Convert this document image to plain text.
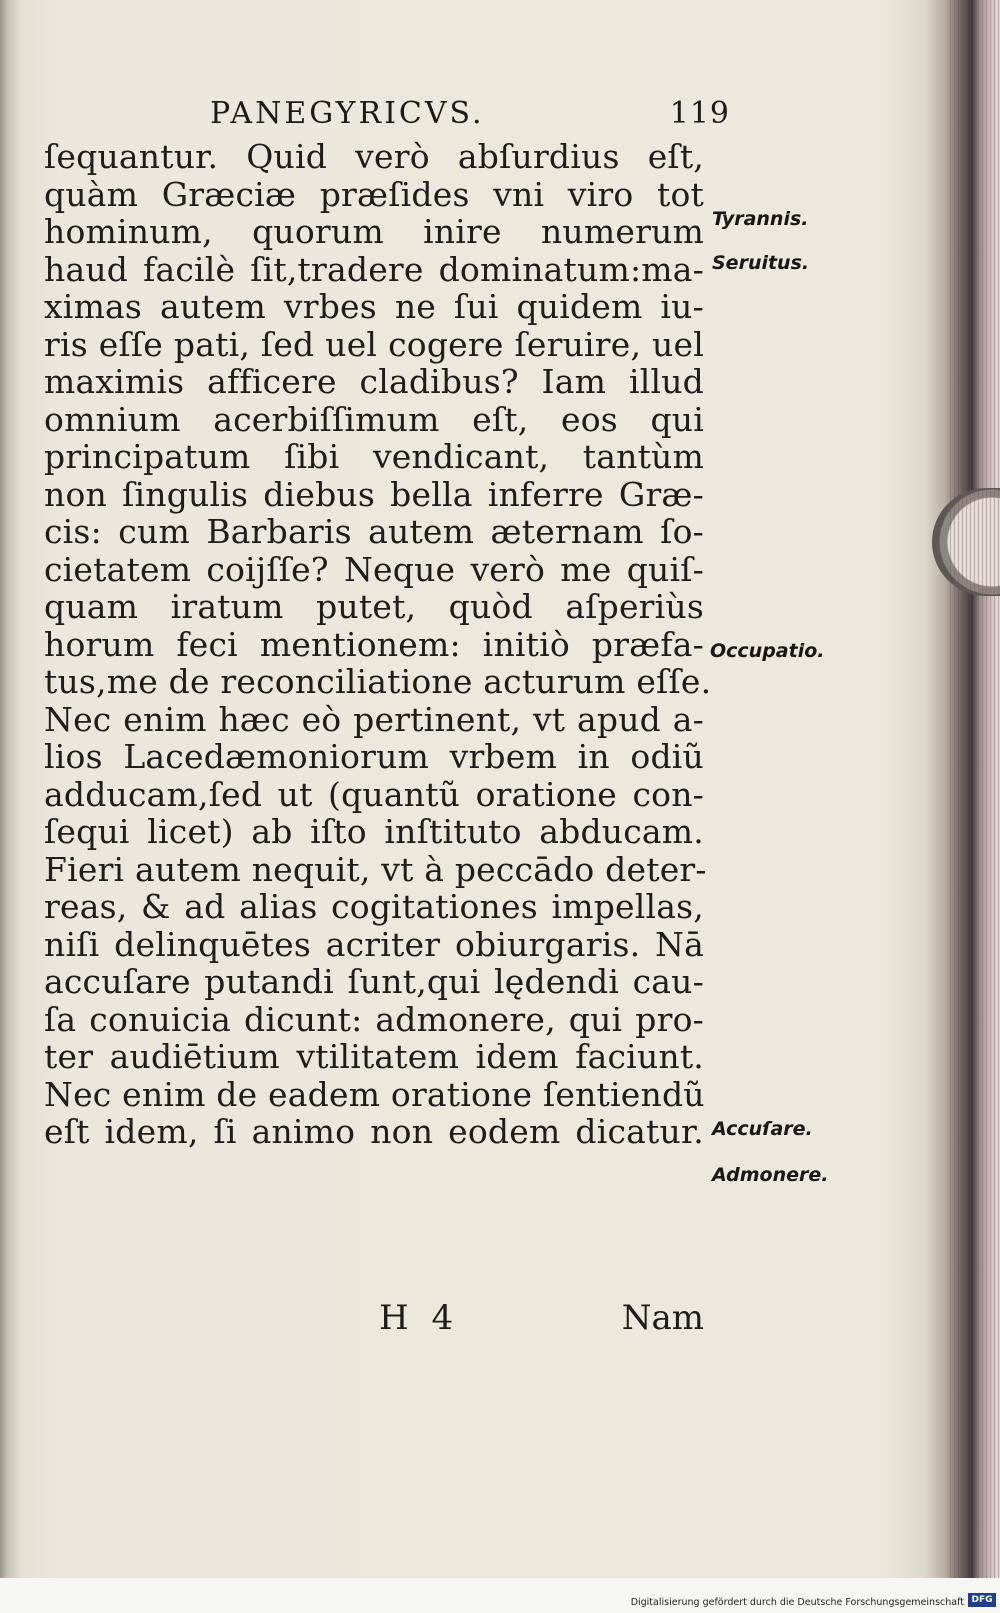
PANEGYRICVS.	119
ſequantur. Quid verò abſurdius eſt,
quàm Græciæ præſides vni viro tot
hominum, quorum inire numerum
haud facilè ſit,tradere dominatum:ma-
ximas autem vrbes ne ſui quidem iu-
ris eſſe pati, ſed uel cogere ſeruire, uel
maximis afficere cladibus? Iam illud
omnium acerbiſſimum eſt, eos qui
principatum ſibi vendicant, tantùm
non ſingulis diebus bella inferre Græ-
cis: cum Barbaris autem æternam ſo-
cietatem coijſſe? Neque verò me quiſ-
quam iratum putet, quòd aſperiùs
horum feci mentionem: initiò præfa-
tus,me de reconciliatione acturum eſſe.
Nec enim hæc eò pertinent, vt apud a-
lios Lacedæmoniorum vrbem in odiũ
adducam,ſed ut (quantũ oratione con-
ſequi licet) ab iſto inſtituto abducam.
Fieri autem nequit, vt à peccādo deter-
reas, & ad alias cogitationes impellas,
niſi delinquētes acriter obiurgaris. Nā
accuſare putandi ſunt,qui lędendi cau-
ſa conuicia dicunt: admonere, qui pro-
ter audiētium vtilitatem idem faciunt.
Nec enim de eadem oratione ſentiendũ
eſt idem, ſi animo non eodem dicatur.
Tyrannis.
Seruitus.
Occupatio.
Accuſare.
Admonere.
H 4	Nam
Digitalisierung gefördert durch die Deutsche Forschungsgemeinschaft DFG
